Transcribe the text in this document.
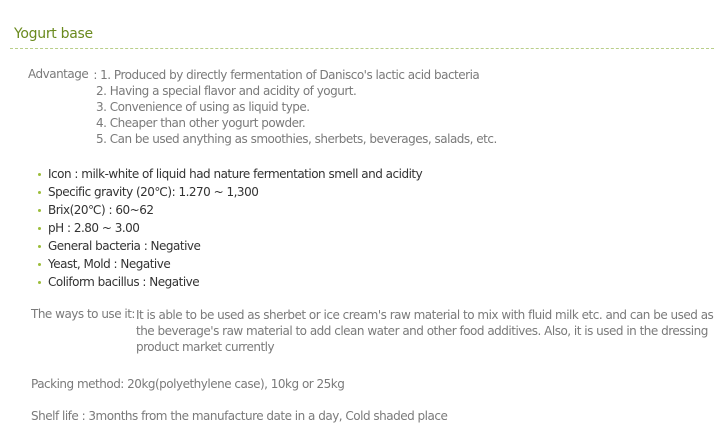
Yogurt base
Advantage : 1. Produced by directly fermentation of Danisco's lactic acid bacteria
2. Having a special flavor and acidity of yogurt.
3. Convenience of using as liquid type.
4. Cheaper than other yogurt powder.
5. Can be used anything as smoothies, sherbets, beverages, salads, etc.
Icon : milk-white of liquid had nature fermentation smell and acidity
Specific gravity (20℃): 1.270 ~ 1,300
Brix(20℃) : 60~62
pH : 2.80 ~ 3.00
General bacteria : Negative
Yeast, Mold : Negative
Coliform bacillus : Negative
The ways to use it: It is able to be used as sherbet or ice cream's raw material to mix with fluid milk etc. and can be used as the beverage's raw material to add clean water and other food additives. Also, it is used in the dressing product market currently
Packing method: 20kg(polyethylene case), 10kg or 25kg
Shelf life : 3months from the manufacture date in a day, Cold shaded place
